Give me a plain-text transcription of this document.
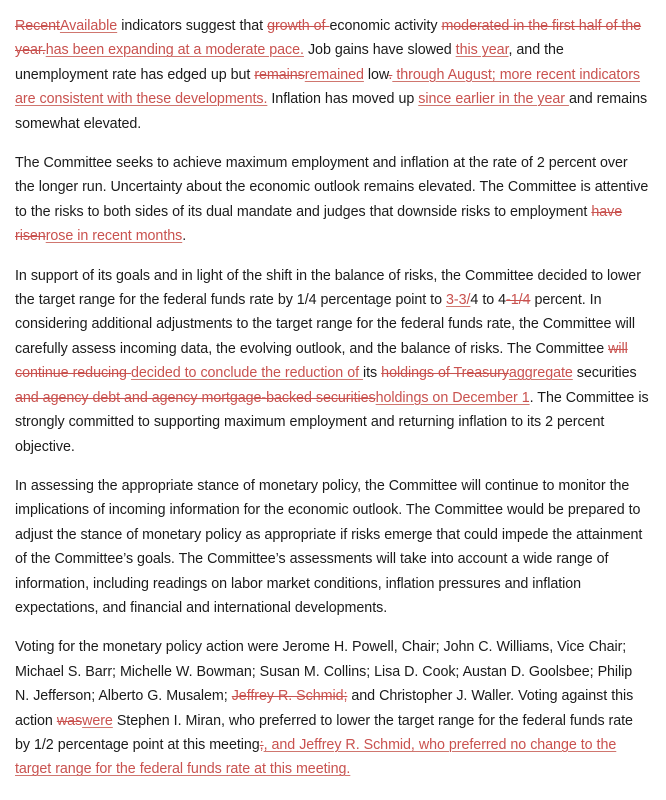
RecentAvailable indicators suggest that growth of economic activity moderated in the first half of the year.has been expanding at a moderate pace. Job gains have slowed this year, and the unemployment rate has edged up but remainsremained low. through August; more recent indicators are consistent with these developments. Inflation has moved up since earlier in the year and remains somewhat elevated.

The Committee seeks to achieve maximum employment and inflation at the rate of 2 percent over the longer run. Uncertainty about the economic outlook remains elevated. The Committee is attentive to the risks to both sides of its dual mandate and judges that downside risks to employment have risenrose in recent months.

In support of its goals and in light of the shift in the balance of risks, the Committee decided to lower the target range for the federal funds rate by 1/4 percentage point to 3-3/4 to 4-1/4 percent. In considering additional adjustments to the target range for the federal funds rate, the Committee will carefully assess incoming data, the evolving outlook, and the balance of risks. The Committee will continue reducing decided to conclude the reduction of its holdings of Treasuryaggregate securities and agency debt and agency mortgage-backed securitiesholdings on December 1. The Committee is strongly committed to supporting maximum employment and returning inflation to its 2 percent objective.

In assessing the appropriate stance of monetary policy, the Committee will continue to monitor the implications of incoming information for the economic outlook. The Committee would be prepared to adjust the stance of monetary policy as appropriate if risks emerge that could impede the attainment of the Committee’s goals. The Committee’s assessments will take into account a wide range of information, including readings on labor market conditions, inflation pressures and inflation expectations, and financial and international developments.

Voting for the monetary policy action were Jerome H. Powell, Chair; John C. Williams, Vice Chair; Michael S. Barr; Michelle W. Bowman; Susan M. Collins; Lisa D. Cook; Austan D. Goolsbee; Philip N. Jefferson; Alberto G. Musalem; Jeffrey R. Schmid; and Christopher J. Waller. Voting against this action waswere Stephen I. Miran, who preferred to lower the target range for the federal funds rate by 1/2 percentage point at this meeting;, and Jeffrey R. Schmid, who preferred no change to the target range for the federal funds rate at this meeting.
